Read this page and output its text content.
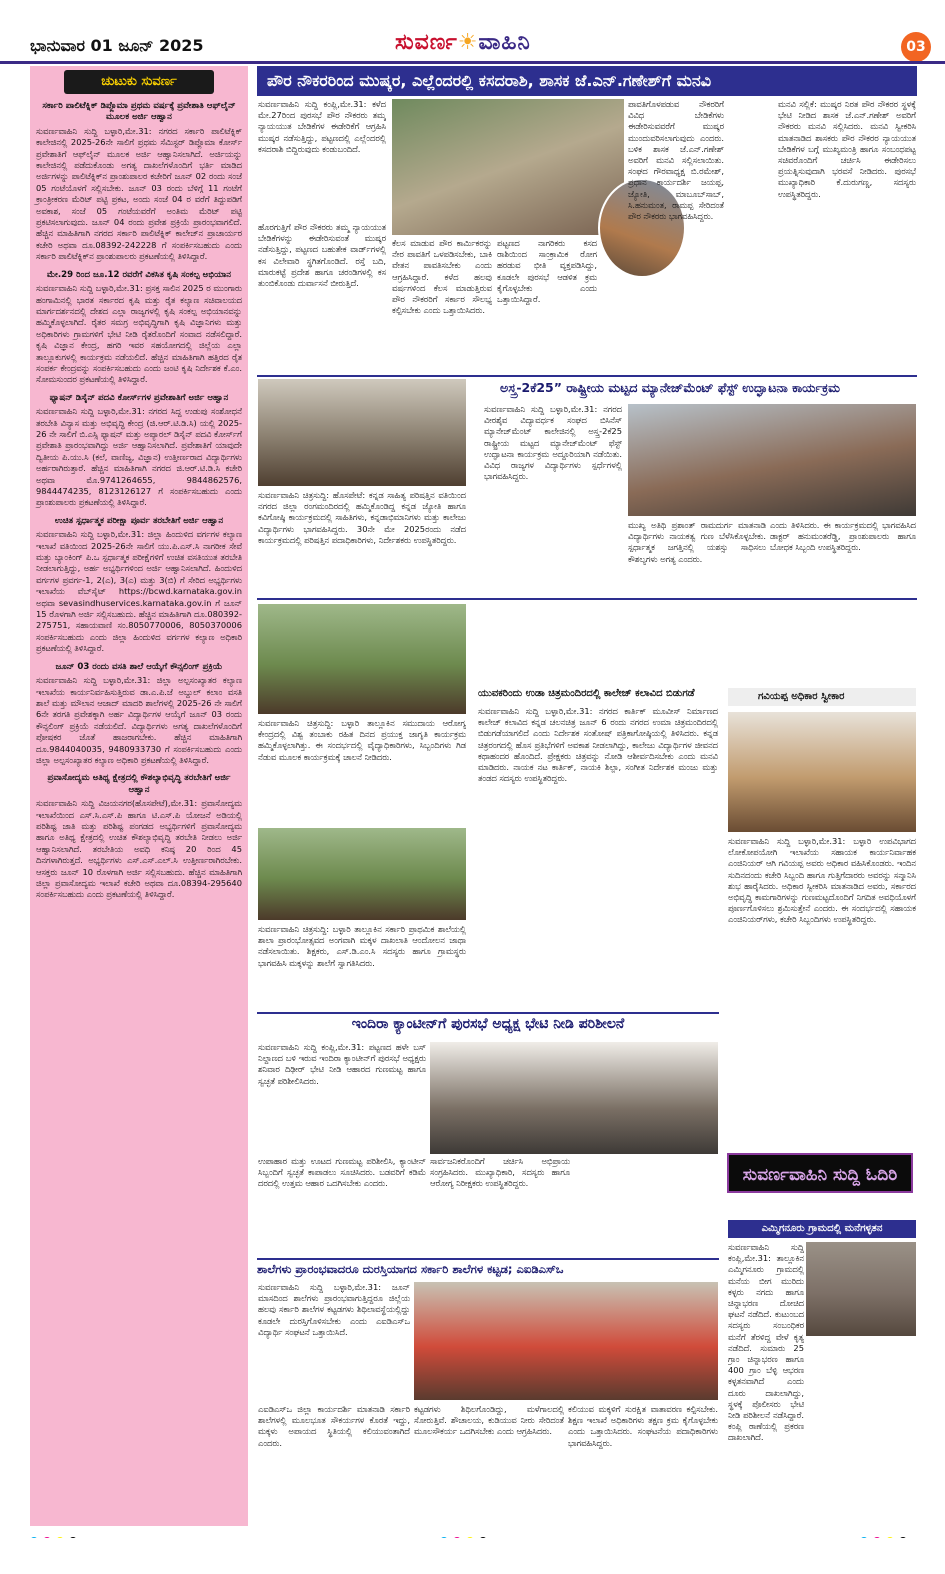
ಭಾನುವಾರ 01 ಜೂನ್ 2025	ಸುವರ್ಣ☀ವಾಹಿನಿ	03
ಚುಟುಕು ಸುವರ್ಣ
ಸರ್ಕಾರಿ ಪಾಲಿಟೆಕ್ನಿಕ್ ಡಿಪ್ಲೊಮಾ ಪ್ರಥಮ ವರ್ಷಕ್ಕೆ ಪ್ರವೇಶಾತಿ ಆಫ್‌ಲೈನ್ ಮೂಲಕ ಅರ್ಜಿ ಆಹ್ವಾನ
ಸುವರ್ಣವಾಹಿನಿ ಸುದ್ದಿ ಬಳ್ಳಾರಿ,ಮೇ.31: ನಗರದ ಸರ್ಕಾರಿ ಪಾಲಿಟೆಕ್ನಿಕ್ ಕಾಲೇಜಿನಲ್ಲಿ 2025-26ನೇ ಸಾಲಿಗೆ ಪ್ರಥಮ ಸೆಮಿಸ್ಟರ್ ಡಿಪ್ಲೊಮಾ ಕೋರ್ಸ್ ಪ್ರವೇಶಾತಿಗೆ ಆಫ್‌ಲೈನ್ ಮೂಲಕ ಅರ್ಜಿ ಆಹ್ವಾನಿಸಲಾಗಿದೆ. ಅರ್ಜಿಯನ್ನು ಕಾಲೇಜಿನಲ್ಲಿ ಪಡೆದುಕೊಂಡು ಅಗತ್ಯ ದಾಖಲೆಗಳೊಂದಿಗೆ ಭರ್ತಿ ಮಾಡಿದ ಅರ್ಜಿಗಳನ್ನು ಪಾಲಿಟೆಕ್ನಿಕ್‌ನ ಪ್ರಾಂಶುಪಾಲರ ಕಚೇರಿಗೆ ಜೂನ್ 02 ರಂದು ಸಂಜೆ 05 ಗಂಟೆಯೊಳಗೆ ಸಲ್ಲಿಸಬೇಕು. ಜೂನ್ 03 ರಂದು ಬೆಳಿಗ್ಗೆ 11 ಗಂಟೆಗೆ ಕ್ರಾಂತ್ರೀಕರಣ ಮೆರಿಟ್ ಪಟ್ಟಿ ಪ್ರಕಟ, ಅಂದು ಸಂಜೆ 04 ರ ವರೆಗೆ ತಿದ್ದುಪಡಿಗೆ ಅವಕಾಶ, ಸಂಜೆ 05 ಗಂಟೆಯವರೆಗೆ ಅಂತಿಮ ಮೆರಿಟ್ ಪಟ್ಟಿ ಪ್ರಕಟಿಸಲಾಗುವುದು. ಜೂನ್ 04 ರಂದು ಪ್ರವೇಶ ಪ್ರಕ್ರಿಯೆ ಪ್ರಾರಂಭವಾಗಲಿದೆ. ಹೆಚ್ಚಿನ ಮಾಹಿತಿಗಾಗಿ ನಗರದ ಸರ್ಕಾರಿ ಪಾಲಿಟೆಕ್ನಿಕ್ ಕಾಲೇಜ್‌ನ ಪ್ರಾಚಾರ್ಯರ ಕಚೇರಿ ಅಥವಾ ದೂ.08392-242228 ಗೆ ಸಂಪರ್ಕಿಸಬಹುದು ಎಂದು ಸರ್ಕಾರಿ ಪಾಲಿಟೆಕ್ನಿಕ್‌ನ ಪ್ರಾಂಶುಪಾಲರು ಪ್ರಕಟಣೆಯಲ್ಲಿ ತಿಳಿಸಿದ್ದಾರೆ.
ಮೇ.29 ರಿಂದ ಜೂ.12 ರವರೆಗೆ ವಿಕಸಿತ ಕೃಷಿ ಸಂಕಲ್ಪ ಅಭಿಯಾನ
ಸುವರ್ಣವಾಹಿನಿ ಸುದ್ದಿ ಬಳ್ಳಾರಿ,ಮೇ.31: ಪ್ರಸಕ್ತ ಸಾಲಿನ 2025 ರ ಮುಂಗಾರು ಹಂಗಾಮಿನಲ್ಲಿ ಭಾರತ ಸರ್ಕಾರದ ಕೃಷಿ ಮತ್ತು ರೈತ ಕಲ್ಯಾಣ ಸಚಿವಾಲಯದ ಮಾರ್ಗದರ್ಶನದಲ್ಲಿ ದೇಶದ ಎಲ್ಲಾ ರಾಜ್ಯಗಳಲ್ಲಿ ಕೃಷಿ ಸಂಕಲ್ಪ ಅಭಿಯಾನವನ್ನು ಹಮ್ಮಿಕೊಳ್ಳಲಾಗಿದೆ. ರೈತರ ಸಮಗ್ರ ಅಭಿವೃದ್ಧಿಗಾಗಿ ಕೃಷಿ ವಿಜ್ಞಾನಿಗಳು ಮತ್ತು ಅಧಿಕಾರಿಗಳು ಗ್ರಾಮಗಳಿಗೆ ಭೇಟಿ ನೀಡಿ ರೈತರೊಂದಿಗೆ ಸಂವಾದ ನಡೆಸಲಿದ್ದಾರೆ. ಕೃಷಿ ವಿಜ್ಞಾನ ಕೇಂದ್ರ, ಹಗರಿ ಇವರ ಸಹಯೋಗದಲ್ಲಿ ಜಿಲ್ಲೆಯ ಎಲ್ಲಾ ತಾಲ್ಲೂಕುಗಳಲ್ಲಿ ಕಾರ್ಯಕ್ರಮ ನಡೆಯಲಿದೆ. ಹೆಚ್ಚಿನ ಮಾಹಿತಿಗಾಗಿ ಹತ್ತಿರದ ರೈತ ಸಂಪರ್ಕ ಕೇಂದ್ರವನ್ನು ಸಂಪರ್ಕಿಸಬಹುದು ಎಂದು ಜಂಟಿ ಕೃಷಿ ನಿರ್ದೇಶಕ ಕೆ.ಎಂ. ಸೋಮಸುಂದರ ಪ್ರಕಟಣೆಯಲ್ಲಿ ತಿಳಿಸಿದ್ದಾರೆ.
ಫ್ಯಾಷನ್ ಡಿಸೈನ್ ಪದವಿ ಕೋರ್ಸ್‌ಗಳ ಪ್ರವೇಶಾತಿಗೆ ಅರ್ಜಿ ಆಹ್ವಾನ
ಸುವರ್ಣವಾಹಿನಿ ಸುದ್ದಿ ಬಳ್ಳಾರಿ,ಮೇ.31: ನಗರದ ಸಿದ್ದ ಉಡುಪು ಸಂಶೋಧನೆ ತರಬೇತಿ ವಿನ್ಯಾಸ ಮತ್ತು ಅಭಿವೃದ್ಧಿ ಕೇಂದ್ರ (ಜಿ.ಆರ್.ಟಿ.ಡಿ.ಸಿ) ಯಲ್ಲಿ 2025-26 ನೇ ಸಾಲಿಗೆ ಬಿ.ಎಸ್ಸಿ ಫ್ಯಾಷನ್ ಮತ್ತು ಅಪ್ಯಾರಲ್ ಡಿಸೈನ್ ಪದವಿ ಕೋರ್ಸ್‌ಗೆ ಪ್ರವೇಶಾತಿ ಪ್ರಾರಂಭವಾಗಿದ್ದು ಅರ್ಜಿ ಆಹ್ವಾನಿಸಲಾಗಿದೆ. ಪ್ರವೇಶಾತಿಗೆ ಯಾವುದೇ ದ್ವಿತೀಯ ಪಿ.ಯು.ಸಿ (ಕಲೆ, ವಾಣಿಜ್ಯ, ವಿಜ್ಞಾನ) ಉತ್ತೀರ್ಣರಾದ ವಿದ್ಯಾರ್ಥಿಗಳು ಅರ್ಹರಾಗಿರುತ್ತಾರೆ. ಹೆಚ್ಚಿನ ಮಾಹಿತಿಗಾಗಿ ನಗರದ ಜಿ.ಆರ್.ಟಿ.ಡಿ.ಸಿ ಕಚೇರಿ ಅಥವಾ ಮೊ.9741264655, 9844862576, 9844474235, 8123126127 ಗೆ ಸಂಪರ್ಕಿಸಬಹುದು ಎಂದು ಪ್ರಾಂಶುಪಾಲರು ಪ್ರಕಟಣೆಯಲ್ಲಿ ತಿಳಿಸಿದ್ದಾರೆ.
ಉಚಿತ ಸ್ಪರ್ಧಾತ್ಮಕ ಪರೀಕ್ಷಾ ಪೂರ್ವ ತರಬೇತಿಗೆ ಅರ್ಜಿ ಆಹ್ವಾನ
ಸುವರ್ಣವಾಹಿನಿ ಸುದ್ದಿ ಬಳ್ಳಾರಿ,ಮೇ.31: ಜಿಲ್ಲಾ ಹಿಂದುಳಿದ ವರ್ಗಗಳ ಕಲ್ಯಾಣ ಇಲಾಖೆ ವತಿಯಿಂದ 2025-26ನೇ ಸಾಲಿಗೆ ಯು.ಪಿ.ಎಸ್.ಸಿ ನಾಗರೀಕ ಸೇವೆ ಮತ್ತು ಬ್ಯಾಂಕಿಂಗ್ ಪಿ.ಒ ಸ್ಪರ್ಧಾತ್ಮಕ ಪರೀಕ್ಷೆಗಳಿಗೆ ಉಚಿತ ವಸತಿಯುತ ತರಬೇತಿ ನೀಡಲಾಗುತ್ತಿದ್ದು, ಅರ್ಹ ಅಭ್ಯರ್ಥಿಗಳಿಂದ ಅರ್ಜಿ ಆಹ್ವಾನಿಸಲಾಗಿದೆ. ಹಿಂದುಳಿದ ವರ್ಗಗಳ ಪ್ರವರ್ಗ-1, 2(ಎ), 3(ಎ) ಮತ್ತು 3(ಬಿ) ಗೆ ಸೇರಿದ ಅಭ್ಯರ್ಥಿಗಳು ಇಲಾಖೆಯ ವೆಬ್‌ಸೈಟ್ https://bcwd.karnataka.gov.in ಅಥವಾ sevasindhuservices.karnataka.gov.in ಗೆ ಜೂನ್ 15 ರೊಳಗಾಗಿ ಅರ್ಜಿ ಸಲ್ಲಿಸಬಹುದು. ಹೆಚ್ಚಿನ ಮಾಹಿತಿಗಾಗಿ ದೂ.080392-275751, ಸಹಾಯವಾಣಿ ಸಂ.8050770006, 8050370006 ಸಂಪರ್ಕಿಸಬಹುದು ಎಂದು ಜಿಲ್ಲಾ ಹಿಂದುಳಿದ ವರ್ಗಗಳ ಕಲ್ಯಾಣ ಅಧಿಕಾರಿ ಪ್ರಕಟಣೆಯಲ್ಲಿ ತಿಳಿಸಿದ್ದಾರೆ.
ಜೂನ್ 03 ರಂದು ವಸತಿ ಶಾಲೆ ಆಯ್ಕೆಗೆ ಕೌನ್ಸಲಿಂಗ್ ಪ್ರಕ್ರಿಯೆ
ಸುವರ್ಣವಾಹಿನಿ ಸುದ್ದಿ ಬಳ್ಳಾರಿ,ಮೇ.31: ಜಿಲ್ಲಾ ಅಲ್ಪಸಂಖ್ಯಾತರ ಕಲ್ಯಾಣ ಇಲಾಖೆಯ ಕಾರ್ಯನಿರ್ವಹಿಸುತ್ತಿರುವ ಡಾ.ಎ.ಪಿ.ಜೆ ಅಬ್ದುಲ್ ಕಲಾಂ ವಸತಿ ಶಾಲೆ ಮತ್ತು ಮೌಲಾನ ಆಜಾದ್ ಮಾದರಿ ಶಾಲೆಗಳಲ್ಲಿ 2025-26 ನೇ ಸಾಲಿಗೆ 6ನೇ ತರಗತಿ ಪ್ರವೇಶಕ್ಕಾಗಿ ಅರ್ಹ ವಿದ್ಯಾರ್ಥಿಗಳ ಆಯ್ಕೆಗೆ ಜೂನ್ 03 ರಂದು ಕೌನ್ಸಲಿಂಗ್ ಪ್ರಕ್ರಿಯೆ ನಡೆಯಲಿದೆ. ವಿದ್ಯಾರ್ಥಿಗಳು ಅಗತ್ಯ ದಾಖಲೆಗಳೊಂದಿಗೆ ಪೋಷಕರ ಜೊತೆ ಹಾಜರಾಗಬೇಕು. ಹೆಚ್ಚಿನ ಮಾಹಿತಿಗಾಗಿ ದೂ.9844040035, 9480933730 ಗೆ ಸಂಪರ್ಕಿಸಬಹುದು ಎಂದು ಜಿಲ್ಲಾ ಅಲ್ಪಸಂಖ್ಯಾತರ ಕಲ್ಯಾಣ ಅಧಿಕಾರಿ ಪ್ರಕಟಣೆಯಲ್ಲಿ ತಿಳಿಸಿದ್ದಾರೆ.
ಪ್ರವಾಸೋದ್ಯಮ ಅತಿಥ್ಯ ಕ್ಷೇತ್ರದಲ್ಲಿ ಕೌಶಲ್ಯಾಭಿವೃದ್ಧಿ ತರಬೇತಿಗೆ ಅರ್ಜಿ ಆಹ್ವಾನ
ಸುವರ್ಣವಾಹಿನಿ ಸುದ್ದಿ ವಿಜಯನಗರ(ಹೊಸಪೇಟೆ),ಮೇ.31: ಪ್ರವಾಸೋದ್ಯಮ ಇಲಾಖೆಯಿಂದ ಎಸ್.ಸಿ.ಎಸ್.ಪಿ ಹಾಗೂ ಟಿ.ಎಸ್.ಪಿ ಯೋಜನೆ ಅಡಿಯಲ್ಲಿ ಪರಿಶಿಷ್ಟ ಜಾತಿ ಮತ್ತು ಪರಿಶಿಷ್ಟ ಪಂಗಡದ ಅಭ್ಯರ್ಥಿಗಳಿಗೆ ಪ್ರವಾಸೋದ್ಯಮ ಹಾಗೂ ಅತಿಥ್ಯ ಕ್ಷೇತ್ರದಲ್ಲಿ ಉಚಿತ ಕೌಶಲ್ಯಾಭಿವೃದ್ಧಿ ತರಬೇತಿ ನೀಡಲು ಅರ್ಜಿ ಆಹ್ವಾನಿಸಲಾಗಿದೆ. ತರಬೇತಿಯ ಅವಧಿ ಕನಿಷ್ಠ 20 ರಿಂದ 45 ದಿನಗಳಾಗಿರುತ್ತದೆ. ಅಭ್ಯರ್ಥಿಗಳು ಎಸ್.ಎಸ್.ಎಲ್.ಸಿ ಉತ್ತೀರ್ಣರಾಗಿರಬೇಕು. ಆಸಕ್ತರು ಜೂನ್ 10 ರೊಳಗಾಗಿ ಅರ್ಜಿ ಸಲ್ಲಿಸಬಹುದು. ಹೆಚ್ಚಿನ ಮಾಹಿತಿಗಾಗಿ ಜಿಲ್ಲಾ ಪ್ರವಾಸೋದ್ಯಮ ಇಲಾಖೆ ಕಚೇರಿ ಅಥವಾ ದೂ.08394-295640 ಸಂಪರ್ಕಿಸಬಹುದು ಎಂದು ಪ್ರಕಟಣೆಯಲ್ಲಿ ತಿಳಿಸಿದ್ದಾರೆ.
ಪೌರ ನೌಕರರಿಂದ ಮುಷ್ಕರ, ಎಲ್ಲೆಂದರಲ್ಲಿ ಕಸದರಾಶಿ, ಶಾಸಕ ಜೆ.ಎನ್.ಗಣೇಶ್‌ಗೆ ಮನವಿ
ಸುವರ್ಣವಾಹಿನಿ ಸುದ್ದಿ ಕಂಪ್ಲಿ,ಮೇ.31: ಕಳೆದ ಮೇ.27ರಿಂದ ಪುರಸಭೆ ಪೌರ ನೌಕರರು ತಮ್ಮ ನ್ಯಾಯಯುತ ಬೇಡಿಕೆಗಳ ಈಡೇರಿಕೆಗೆ ಆಗ್ರಹಿಸಿ ಮುಷ್ಕರ ನಡೆಸುತ್ತಿದ್ದು, ಪಟ್ಟಣದಲ್ಲಿ ಎಲ್ಲೆಂದರಲ್ಲಿ ಕಸದರಾಶಿ ಬಿದ್ದಿರುವುದು ಕಂಡುಬಂದಿದೆ.
ಹೊರಗುತ್ತಿಗೆ ಪೌರ ನೌಕರರು ತಮ್ಮ ನ್ಯಾಯಯುತ ಬೇಡಿಕೆಗಳನ್ನು ಈಡೇರಿಸುವಂತೆ ಮುಷ್ಕರ ನಡೆಸುತ್ತಿದ್ದು, ಪಟ್ಟಣದ ಬಹುತೇಕ ವಾರ್ಡ್‌ಗಳಲ್ಲಿ ಕಸ ವಿಲೇವಾರಿ ಸ್ಥಗಿತಗೊಂಡಿದೆ. ರಸ್ತೆ ಬದಿ, ಮಾರುಕಟ್ಟೆ ಪ್ರದೇಶ ಹಾಗೂ ಚರಂಡಿಗಳಲ್ಲಿ ಕಸ ತುಂಬಿಕೊಂಡು ದುರ್ವಾಸನೆ ಬೀರುತ್ತಿದೆ.
ಕೆಲಸ ಮಾಡುವ ಪೌರ ಕಾರ್ಮಿಕರನ್ನು ನೇರ ಪಾವತಿಗೆ ಒಳಪಡಿಸಬೇಕು, ಬಾಕಿ ವೇತನ ಪಾವತಿಸಬೇಕು ಎಂದು ಆಗ್ರಹಿಸಿದ್ದಾರೆ. ಕಳೆದ ಹಲವು ವರ್ಷಗಳಿಂದ ಕೆಲಸ ಮಾಡುತ್ತಿರುವ ಪೌರ ನೌಕರರಿಗೆ ಸರ್ಕಾರ ಸೌಲಭ್ಯ ಕಲ್ಪಿಸಬೇಕು ಎಂದು ಒತ್ತಾಯಿಸಿದರು.
ಪಟ್ಟಣದ ನಾಗರಿಕರು ಕಸದ ರಾಶಿಯಿಂದ ಸಾಂಕ್ರಾಮಿಕ ರೋಗ ಹರಡುವ ಭೀತಿ ವ್ಯಕ್ತಪಡಿಸಿದ್ದು, ಕೂಡಲೇ ಪುರಸಭೆ ಆಡಳಿತ ಕ್ರಮ ಕೈಗೊಳ್ಳಬೇಕು ಎಂದು ಒತ್ತಾಯಿಸಿದ್ದಾರೆ.
ಪಾವತಿಗೊಳಪಡುವ ನೌಕರರಿಗೆ ವಿವಿಧ ಬೇಡಿಕೆಗಳು ಈಡೇರಿಸುವವರೆಗೆ ಮುಷ್ಕರ ಮುಂದುವರಿಸಲಾಗುವುದು ಎಂದರು. ಬಳಿಕ ಶಾಸಕ ಜೆ.ಎನ್.ಗಣೇಶ್ ಅವರಿಗೆ ಮನವಿ ಸಲ್ಲಿಸಲಾಯಿತು. ಸಂಘದ ಗೌರವಾಧ್ಯಕ್ಷ ಬಿ.ರಮೇಶ್, ಪ್ರಧಾನ ಕಾರ್ಯದರ್ಶಿ ಜಯಪ್ಪ, ಜ್ಯೋತಿ, ಮಾಬೂಬ್‌ಸಾಬ್, ಸಿ.ಹನುಮಂತ, ರಾಮಪ್ಪ ಸೇರಿದಂತೆ ಪೌರ ನೌಕರರು ಭಾಗವಹಿಸಿದ್ದರು.
ಮನವಿ ಸಲ್ಲಿಕೆ: ಮುಷ್ಕರ ನಿರತ ಪೌರ ನೌಕರರ ಸ್ಥಳಕ್ಕೆ ಭೇಟಿ ನೀಡಿದ ಶಾಸಕ ಜೆ.ಎನ್.ಗಣೇಶ್ ಅವರಿಗೆ ನೌಕರರು ಮನವಿ ಸಲ್ಲಿಸಿದರು. ಮನವಿ ಸ್ವೀಕರಿಸಿ ಮಾತನಾಡಿದ ಶಾಸಕರು ಪೌರ ನೌಕರರ ನ್ಯಾಯಯುತ ಬೇಡಿಕೆಗಳ ಬಗ್ಗೆ ಮುಖ್ಯಮಂತ್ರಿ ಹಾಗೂ ಸಂಬಂಧಪಟ್ಟ ಸಚಿವರೊಂದಿಗೆ ಚರ್ಚಿಸಿ ಈಡೇರಿಸಲು ಪ್ರಯತ್ನಿಸುವುದಾಗಿ ಭರವಸೆ ನೀಡಿದರು. ಪುರಸಭೆ ಮುಖ್ಯಾಧಿಕಾರಿ ಕೆ.ದುರುಗಣ್ಣ, ಸದಸ್ಯರು ಉಪಸ್ಥಿತರಿದ್ದರು.
ಸುವರ್ಣವಾಹಿನಿ ಚಿತ್ರಸುದ್ದಿ: ಹೊಸಪೇಟೆ: ಕನ್ನಡ ಸಾಹಿತ್ಯ ಪರಿಷತ್ತಿನ ವತಿಯಿಂದ ನಗರದ ಜಿಲ್ಲಾ ರಂಗಮಂದಿರದಲ್ಲಿ ಹಮ್ಮಿಕೊಂಡಿದ್ದ ಕನ್ನಡ ಜ್ಯೋತಿ ಹಾಗೂ ಕವಿಗೋಷ್ಠಿ ಕಾರ್ಯಕ್ರಮದಲ್ಲಿ ಸಾಹಿತಿಗಳು, ಕನ್ನಡಾಭಿಮಾನಿಗಳು ಮತ್ತು ಕಾಲೇಜು ವಿದ್ಯಾರ್ಥಿಗಳು ಭಾಗವಹಿಸಿದ್ದರು. 30ನೇ ಮೇ 2025ರಂದು ನಡೆದ ಕಾರ್ಯಕ್ರಮದಲ್ಲಿ ಪರಿಷತ್ತಿನ ಪದಾಧಿಕಾರಿಗಳು, ನಿರ್ದೇಶಕರು ಉಪಸ್ಥಿತರಿದ್ದರು.
ಅಸ್ತ್ರ-2ಕೆ25” ರಾಷ್ಟ್ರೀಯ ಮಟ್ಟದ ಮ್ಯಾನೇಜ್‌ಮೆಂಟ್ ಫೆಸ್ಟ್ ಉದ್ಘಾಟನಾ ಕಾರ್ಯಕ್ರಮ
ಸುವರ್ಣವಾಹಿನಿ ಸುದ್ದಿ ಬಳ್ಳಾರಿ,ಮೇ.31: ನಗರದ ವೀರಶೈವ ವಿದ್ಯಾವರ್ಧಕ ಸಂಘದ ಬಿಸಿನೆಸ್ ಮ್ಯಾನೇಜ್‌ಮೆಂಟ್ ಕಾಲೇಜಿನಲ್ಲಿ ಅಸ್ತ್ರ-2ಕೆ25 ರಾಷ್ಟ್ರೀಯ ಮಟ್ಟದ ಮ್ಯಾನೇಜ್‌ಮೆಂಟ್ ಫೆಸ್ಟ್ ಉದ್ಘಾಟನಾ ಕಾರ್ಯಕ್ರಮ ಅದ್ದೂರಿಯಾಗಿ ನಡೆಯಿತು. ವಿವಿಧ ರಾಜ್ಯಗಳ ವಿದ್ಯಾರ್ಥಿಗಳು ಸ್ಪರ್ಧೆಗಳಲ್ಲಿ ಭಾಗವಹಿಸಿದ್ದರು.
ಮುಖ್ಯ ಅತಿಥಿ ಪ್ರಶಾಂತ್ ರಾಮದುರ್ಗ ಮಾತನಾಡಿ ವಿದ್ಯಾರ್ಥಿಗಳು ನಾಯಕತ್ವ ಗುಣ ಬೆಳೆಸಿಕೊಳ್ಳಬೇಕು. ಸ್ಪರ್ಧಾತ್ಮಕ ಜಗತ್ತಿನಲ್ಲಿ ಯಶಸ್ಸು ಸಾಧಿಸಲು ಕೌಶಲ್ಯಗಳು ಅಗತ್ಯ ಎಂದರು.
ಎಂದು ತಿಳಿಸಿದರು. ಈ ಕಾರ್ಯಕ್ರಮದಲ್ಲಿ ಭಾಗವಹಿಸಿದ ಡಾಕ್ಟರ್ ಹನುಮಂತರೆಡ್ಡಿ, ಪ್ರಾಂಶುಪಾಲರು ಹಾಗೂ ಬೋಧಕ ಸಿಬ್ಬಂದಿ ಉಪಸ್ಥಿತರಿದ್ದರು.
ಸುವರ್ಣವಾಹಿನಿ ಚಿತ್ರಸುದ್ದಿ: ಬಳ್ಳಾರಿ ತಾಲ್ಲೂಕಿನ ಸಮುದಾಯ ಆರೋಗ್ಯ ಕೇಂದ್ರದಲ್ಲಿ ವಿಶ್ವ ತಂಬಾಕು ರಹಿತ ದಿನದ ಪ್ರಯುಕ್ತ ಜಾಗೃತಿ ಕಾರ್ಯಕ್ರಮ ಹಮ್ಮಿಕೊಳ್ಳಲಾಗಿತ್ತು. ಈ ಸಂದರ್ಭದಲ್ಲಿ ವೈದ್ಯಾಧಿಕಾರಿಗಳು, ಸಿಬ್ಬಂದಿಗಳು ಗಿಡ ನೆಡುವ ಮೂಲಕ ಕಾರ್ಯಕ್ರಮಕ್ಕೆ ಚಾಲನೆ ನೀಡಿದರು.
ಯುವಕರಿಂದು ಉಡಾ ಚಿತ್ರಮಂದಿರದಲ್ಲಿ ಕಾಲೇಜ್ ಕಲಾವಿದ ಬಿಡುಗಡೆ
ಸುವರ್ಣವಾಹಿನಿ ಸುದ್ದಿ ಬಳ್ಳಾರಿ,ಮೇ.31: ನಗರದ ಕಾರ್ತಿಕ್ ಮೂವೀಸ್ ನಿರ್ಮಾಣದ ಕಾಲೇಜ್ ಕಲಾವಿದ ಕನ್ನಡ ಚಲನಚಿತ್ರ ಜೂನ್ 6 ರಂದು ನಗರದ ಉಮಾ ಚಿತ್ರಮಂದಿರದಲ್ಲಿ ಬಿಡುಗಡೆಯಾಗಲಿದೆ ಎಂದು ನಿರ್ದೇಶಕ ಸಂತೋಷ್ ಪತ್ರಿಕಾಗೋಷ್ಠಿಯಲ್ಲಿ ತಿಳಿಸಿದರು. ಕನ್ನಡ ಚಿತ್ರರಂಗದಲ್ಲಿ ಹೊಸ ಪ್ರತಿಭೆಗಳಿಗೆ ಅವಕಾಶ ನೀಡಲಾಗಿದ್ದು, ಕಾಲೇಜು ವಿದ್ಯಾರ್ಥಿಗಳ ಜೀವನದ ಕಥಾಹಂದರ ಹೊಂದಿದೆ. ಪ್ರೇಕ್ಷಕರು ಚಿತ್ರವನ್ನು ನೋಡಿ ಆಶೀರ್ವದಿಸಬೇಕು ಎಂದು ಮನವಿ ಮಾಡಿದರು. ನಾಯಕ ನಟ ಕಾರ್ತಿಕ್, ನಾಯಕಿ ಶಿಲ್ಪಾ, ಸಂಗೀತ ನಿರ್ದೇಶಕ ಮಂಜು ಮತ್ತು ತಂಡದ ಸದಸ್ಯರು ಉಪಸ್ಥಿತರಿದ್ದರು.
ಗವಿಯಪ್ಪ ಅಧಿಕಾರ ಸ್ವೀಕಾರ
ಸುವರ್ಣವಾಹಿನಿ ಸುದ್ದಿ ಬಳ್ಳಾರಿ,ಮೇ.31: ಬಳ್ಳಾರಿ ಉಪವಿಭಾಗದ ಲೋಕೋಪಯೋಗಿ ಇಲಾಖೆಯ ಸಹಾಯಕ ಕಾರ್ಯನಿರ್ವಾಹಕ ಎಂಜಿನಿಯರ್ ಆಗಿ ಗವಿಯಪ್ಪ ಅವರು ಅಧಿಕಾರ ವಹಿಸಿಕೊಂಡರು. ಇಂದಿನ ಸುದಿನದಂದು ಕಚೇರಿ ಸಿಬ್ಬಂದಿ ಹಾಗೂ ಗುತ್ತಿಗೆದಾರರು ಅವರನ್ನು ಸನ್ಮಾನಿಸಿ ಶುಭ ಹಾರೈಸಿದರು. ಅಧಿಕಾರ ಸ್ವೀಕರಿಸಿ ಮಾತನಾಡಿದ ಅವರು, ಸರ್ಕಾರದ ಅಭಿವೃದ್ಧಿ ಕಾಮಗಾರಿಗಳನ್ನು ಗುಣಮಟ್ಟದೊಂದಿಗೆ ನಿಗದಿತ ಅವಧಿಯೊಳಗೆ ಪೂರ್ಣಗೊಳಿಸಲು ಶ್ರಮಿಸುತ್ತೇನೆ ಎಂದರು. ಈ ಸಂದರ್ಭದಲ್ಲಿ ಸಹಾಯಕ ಎಂಜಿನಿಯರ್‌ಗಳು, ಕಚೇರಿ ಸಿಬ್ಬಂದಿಗಳು ಉಪಸ್ಥಿತರಿದ್ದರು.
ಸುವರ್ಣವಾಹಿನಿ ಚಿತ್ರಸುದ್ದಿ: ಬಳ್ಳಾರಿ ತಾಲ್ಲೂಕಿನ ಸರ್ಕಾರಿ ಪ್ರಾಥಮಿಕ ಶಾಲೆಯಲ್ಲಿ ಶಾಲಾ ಪ್ರಾರಂಭೋತ್ಸವದ ಅಂಗವಾಗಿ ಮಕ್ಕಳ ದಾಖಲಾತಿ ಆಂದೋಲನ ಜಾಥಾ ನಡೆಸಲಾಯಿತು. ಶಿಕ್ಷಕರು, ಎಸ್.ಡಿ.ಎಂ.ಸಿ ಸದಸ್ಯರು ಹಾಗೂ ಗ್ರಾಮಸ್ಥರು ಭಾಗವಹಿಸಿ ಮಕ್ಕಳನ್ನು ಶಾಲೆಗೆ ಸ್ವಾಗತಿಸಿದರು.
ಇಂದಿರಾ ಕ್ಯಾಂಟೀನ್‌ಗೆ ಪುರಸಭೆ ಅಧ್ಯಕ್ಷ ಭೇಟಿ ನೀಡಿ ಪರಿಶೀಲನೆ
ಸುವರ್ಣವಾಹಿನಿ ಸುದ್ದಿ ಕಂಪ್ಲಿ,ಮೇ.31: ಪಟ್ಟಣದ ಹಳೇ ಬಸ್ ನಿಲ್ದಾಣದ ಬಳಿ ಇರುವ ಇಂದಿರಾ ಕ್ಯಾಂಟೀನ್‌ಗೆ ಪುರಸಭೆ ಅಧ್ಯಕ್ಷರು ಶನಿವಾರ ದಿಢೀರ್ ಭೇಟಿ ನೀಡಿ ಆಹಾರದ ಗುಣಮಟ್ಟ ಹಾಗೂ ಸ್ವಚ್ಛತೆ ಪರಿಶೀಲಿಸಿದರು.
ಉಪಾಹಾರ ಮತ್ತು ಊಟದ ಗುಣಮಟ್ಟ ಪರಿಶೀಲಿಸಿ, ಕ್ಯಾಂಟೀನ್ ಸಿಬ್ಬಂದಿಗೆ ಸ್ವಚ್ಛತೆ ಕಾಪಾಡಲು ಸೂಚಿಸಿದರು. ಬಡವರಿಗೆ ಕಡಿಮೆ ದರದಲ್ಲಿ ಉತ್ತಮ ಆಹಾರ ಒದಗಿಸಬೇಕು ಎಂದರು.
ಸಾರ್ವಜನಿಕರೊಂದಿಗೆ ಚರ್ಚಿಸಿ ಅಭಿಪ್ರಾಯ ಸಂಗ್ರಹಿಸಿದರು. ಮುಖ್ಯಾಧಿಕಾರಿ, ಸದಸ್ಯರು ಹಾಗೂ ಆರೋಗ್ಯ ನಿರೀಕ್ಷಕರು ಉಪಸ್ಥಿತರಿದ್ದರು.	ಸುವರ್ಣವಾಹಿನಿ ಸುದ್ದಿ ಓದಿರಿ
ಎಮ್ಮಿಗನೂರು ಗ್ರಾಮದಲ್ಲಿ ಮನೆಗಳ್ಳತನ
ಸುವರ್ಣವಾಹಿನಿ ಸುದ್ದಿ ಕಂಪ್ಲಿ,ಮೇ.31: ತಾಲ್ಲೂಕಿನ ಎಮ್ಮಿಗನೂರು ಗ್ರಾಮದಲ್ಲಿ ಮನೆಯ ಬೀಗ ಮುರಿದು ಕಳ್ಳರು ನಗದು ಹಾಗೂ ಚಿನ್ನಾಭರಣ ದೋಚಿದ ಘಟನೆ ನಡೆದಿದೆ. ಕುಟುಂಬದ ಸದಸ್ಯರು ಸಂಬಂಧಿಕರ ಮನೆಗೆ ತೆರಳಿದ್ದ ವೇಳೆ ಕೃತ್ಯ ನಡೆದಿದೆ. ಸುಮಾರು 25 ಗ್ರಾಂ ಚಿನ್ನಾಭರಣ ಹಾಗೂ 400 ಗ್ರಾಂ ಬೆಳ್ಳಿ ಆಭರಣ ಕಳ್ಳತನವಾಗಿದೆ ಎಂದು ದೂರು ದಾಖಲಾಗಿದ್ದು, ಸ್ಥಳಕ್ಕೆ ಪೊಲೀಸರು ಭೇಟಿ ನೀಡಿ ಪರಿಶೀಲನೆ ನಡೆಸಿದ್ದಾರೆ. ಕಂಪ್ಲಿ ಠಾಣೆಯಲ್ಲಿ ಪ್ರಕರಣ ದಾಖಲಾಗಿದೆ.
ಶಾಲೆಗಳು ಪ್ರಾರಂಭವಾದರೂ ದುರಸ್ತಿಯಾಗದ ಸರ್ಕಾರಿ ಶಾಲೆಗಳ ಕಟ್ಟಡ; ಎಐಡಿಎಸ್‌ಒ
ಸುವರ್ಣವಾಹಿನಿ ಸುದ್ದಿ ಬಳ್ಳಾರಿ,ಮೇ.31: ಜೂನ್ ಮಾಸದಿಂದ ಶಾಲೆಗಳು ಪ್ರಾರಂಭವಾಗುತ್ತಿದ್ದರೂ ಜಿಲ್ಲೆಯ ಹಲವು ಸರ್ಕಾರಿ ಶಾಲೆಗಳ ಕಟ್ಟಡಗಳು ಶಿಥಿಲಾವಸ್ಥೆಯಲ್ಲಿದ್ದು ಕೂಡಲೇ ದುರಸ್ತಿಗೊಳಿಸಬೇಕು ಎಂದು ಎಐಡಿಎಸ್‌ಒ ವಿದ್ಯಾರ್ಥಿ ಸಂಘಟನೆ ಒತ್ತಾಯಿಸಿದೆ.
ಎಐಡಿಎಸ್‌ಒ ಜಿಲ್ಲಾ ಕಾರ್ಯದರ್ಶಿ ಮಾತನಾಡಿ ಸರ್ಕಾರಿ ಶಾಲೆಗಳಲ್ಲಿ ಮೂಲಭೂತ ಸೌಕರ್ಯಗಳ ಕೊರತೆ ಇದ್ದು, ಮಕ್ಕಳು ಅಪಾಯದ ಸ್ಥಿತಿಯಲ್ಲಿ ಕಲಿಯುವಂತಾಗಿದೆ ಎಂದರು.
ಕಟ್ಟಡಗಳು ಶಿಥಿಲಗೊಂಡಿದ್ದು, ಮಳೆಗಾಲದಲ್ಲಿ ಸೋರುತ್ತಿವೆ. ಶೌಚಾಲಯ, ಕುಡಿಯುವ ನೀರು ಸೇರಿದಂತೆ ಮೂಲಸೌಕರ್ಯ ಒದಗಿಸಬೇಕು ಎಂದು ಆಗ್ರಹಿಸಿದರು.
ಕಲಿಯುವ ಮಕ್ಕಳಿಗೆ ಸುರಕ್ಷಿತ ವಾತಾವರಣ ಕಲ್ಪಿಸಬೇಕು. ಶಿಕ್ಷಣ ಇಲಾಖೆ ಅಧಿಕಾರಿಗಳು ತಕ್ಷಣ ಕ್ರಮ ಕೈಗೊಳ್ಳಬೇಕು ಎಂದು ಒತ್ತಾಯಿಸಿದರು. ಸಂಘಟನೆಯ ಪದಾಧಿಕಾರಿಗಳು ಭಾಗವಹಿಸಿದ್ದರು.
